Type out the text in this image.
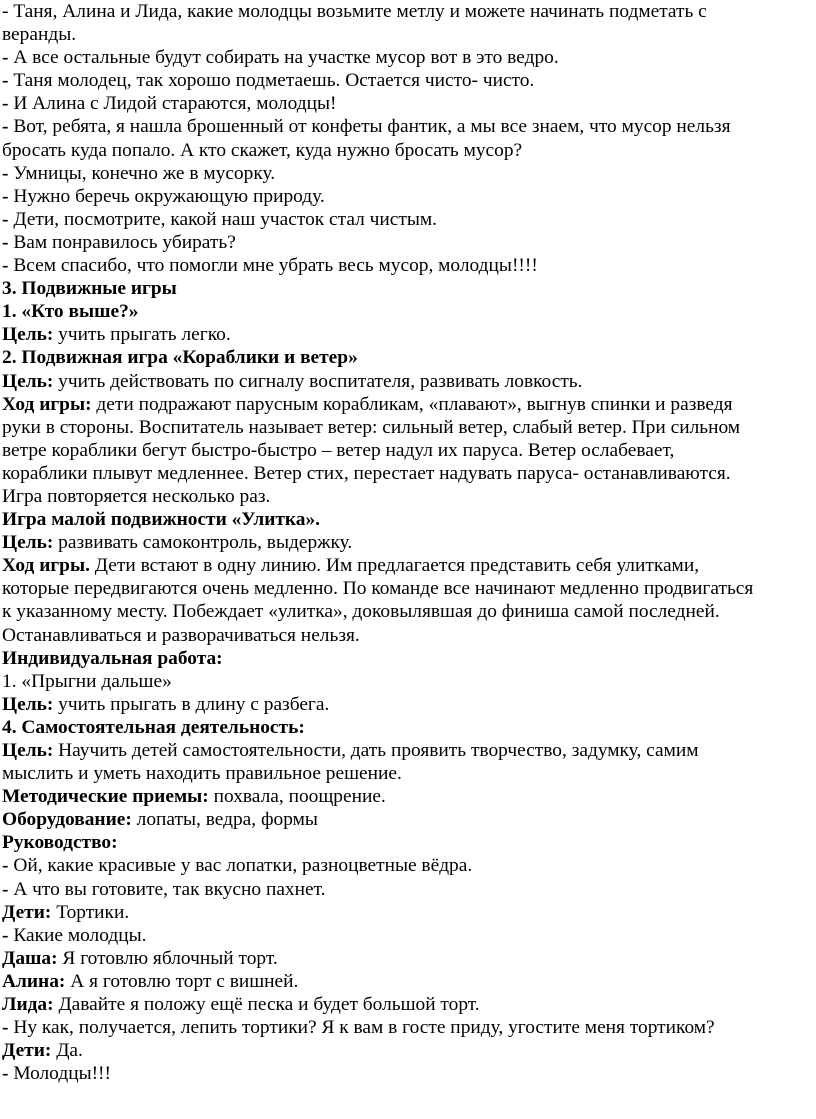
- Таня, Алина и Лида, какие молодцы возьмите метлу и можете начинать подметать с
веранды.
- А все остальные будут собирать на участке мусор вот в это ведро.
- Таня молодец, так хорошо подметаешь. Остается чисто- чисто.
- И Алина с Лидой стараются, молодцы!
- Вот, ребята, я нашла брошенный от конфеты фантик, а мы все знаем, что мусор нельзя
бросать куда попало. А кто скажет, куда нужно бросать мусор?
- Умницы, конечно же в мусорку.
- Нужно беречь окружающую природу.
- Дети, посмотрите, какой наш участок стал чистым.
- Вам понравилось убирать?
- Всем спасибо, что помогли мне убрать весь мусор, молодцы!!!!
3. Подвижные игры
1. «Кто выше?»
Цель: учить прыгать легко.
2. Подвижная игра «Кораблики и ветер»
Цель: учить действовать по сигналу воспитателя, развивать ловкость.
Ход игры: дети подражают парусным корабликам, «плавают», выгнув спинки и разведя
руки в стороны. Воспитатель называет ветер: сильный ветер, слабый ветер. При сильном
ветре кораблики бегут быстро-быстро – ветер надул их паруса. Ветер ослабевает,
кораблики плывут медленнее. Ветер стих, перестает надувать паруса- останавливаются.
Игра повторяется несколько раз.
Игра малой подвижности «Улитка».
Цель: развивать самоконтроль, выдержку.
Ход игры. Дети встают в одну линию. Им предлагается представить себя улитками,
которые передвигаются очень медленно. По команде все начинают медленно продвигаться
к указанному месту. Побеждает «улитка», доковылявшая до финиша самой последней.
Останавливаться и разворачиваться нельзя.
Индивидуальная работа:
1. «Прыгни дальше»
Цель: учить прыгать в длину с разбега.
4. Самостоятельная деятельность:
Цель: Научить детей самостоятельности, дать проявить творчество, задумку, самим
мыслить и уметь находить правильное решение.
Методические приемы: похвала, поощрение.
Оборудование: лопаты, ведра, формы
Руководство:
- Ой, какие красивые у вас лопатки, разноцветные вёдра.
- А что вы готовите, так вкусно пахнет.
Дети: Тортики.
- Какие молодцы.
Даша: Я готовлю яблочный торт.
Алина: А я готовлю торт с вишней.
Лида: Давайте я положу ещё песка и будет большой торт.
- Ну как, получается, лепить тортики? Я к вам в гостe приду, угостите меня тортиком?
Дети: Да.
- Молодцы!!!
